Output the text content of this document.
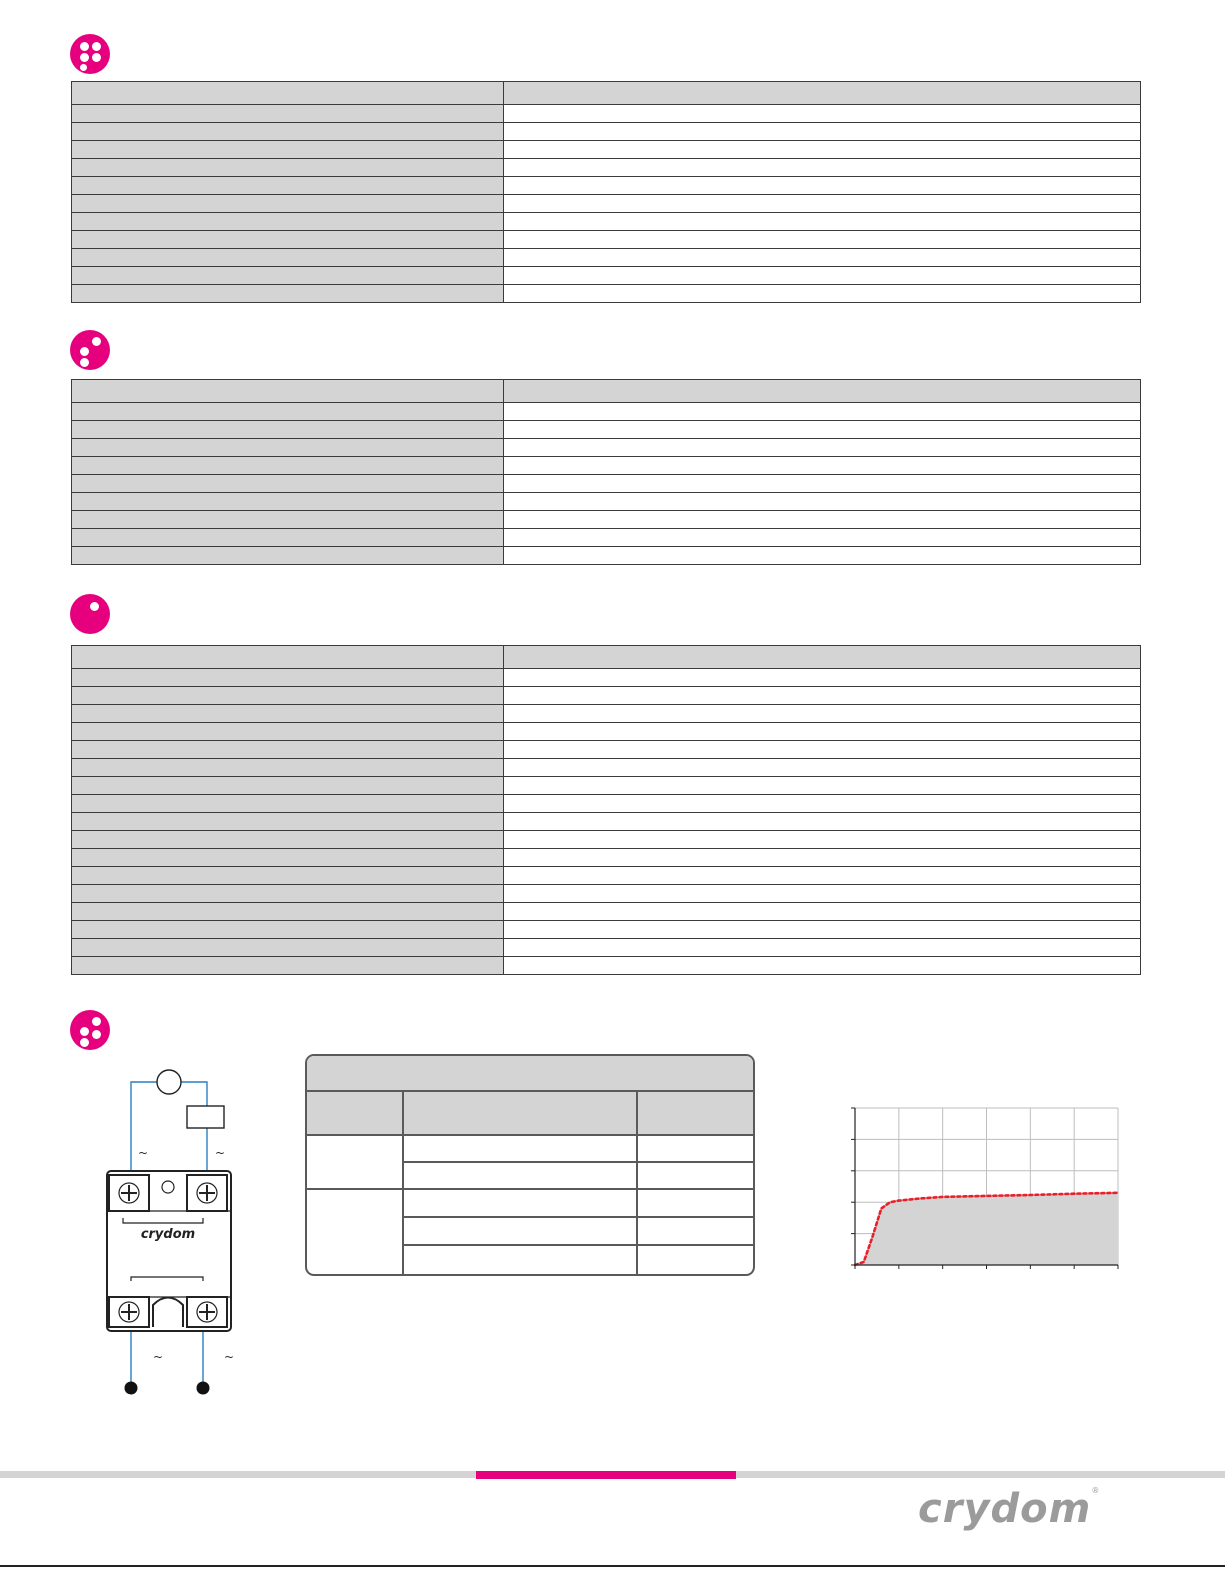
~	~
~	~
crydom
crydom®
